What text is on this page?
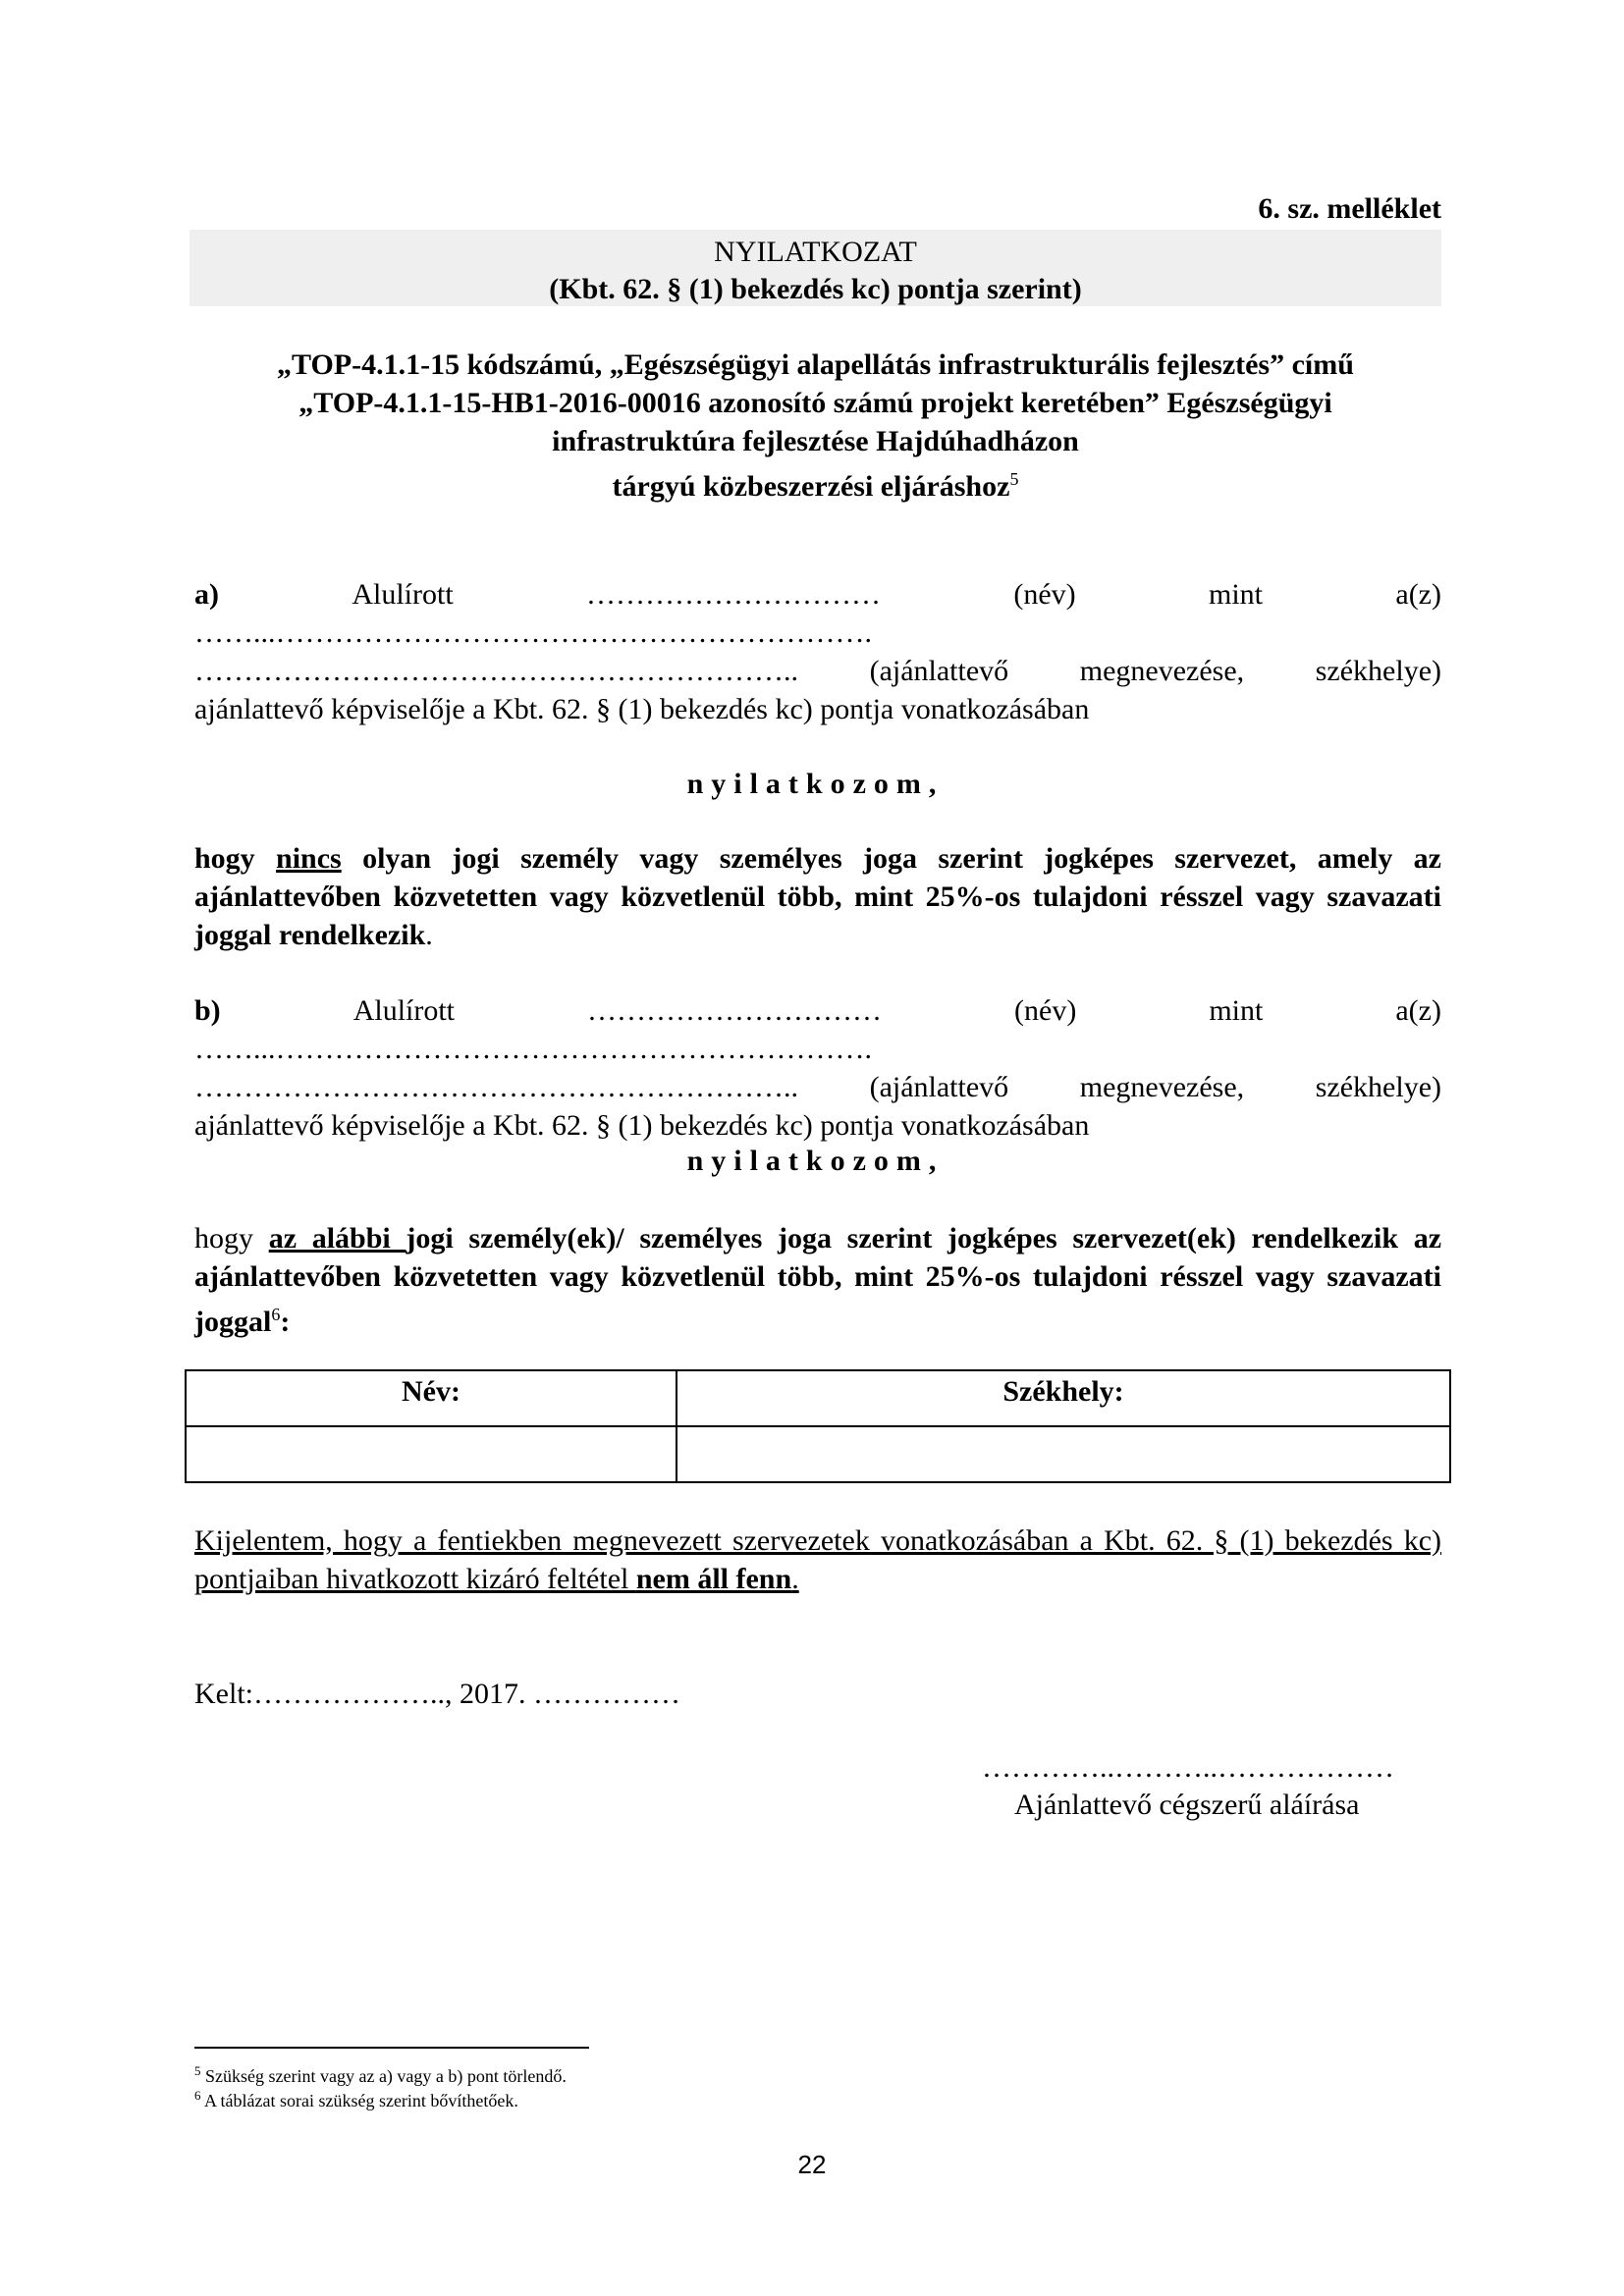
6. sz. melléklet
NYILATKOZAT
(Kbt. 62. § (1) bekezdés kc) pontja szerint)
„TOP-4.1.1-15 kódszámú, „Egészségügyi alapellátás infrastrukturális fejlesztés” című
„TOP-4.1.1-15-HB1-2016-00016 azonosító számú projekt keretében” Egészségügyi
infrastruktúra fejlesztése Hajdúhadházon
tárgyú közbeszerzési eljáráshoz$^5$
a)	Alulírott	…………………………	(név)	mint	a(z)
……...…………………………………………………….
…………………………………………………….. (ajánlattevő megnevezése, székhelye)
ajánlattevő képviselője a Kbt. 62. § (1) bekezdés kc) pontja vonatkozásában
nyilatkozom,
hogy nincs olyan jogi személy vagy személyes joga szerint jogképes szervezet, amely az ajánlattevőben közvetetten vagy közvetlenül több, mint 25%-os tulajdoni résszel vagy szavazati joggal rendelkezik.
b)	Alulírott	…………………………	(név)	mint	a(z)
……...…………………………………………………….
…………………………………………………….. (ajánlattevő megnevezése, székhelye)
ajánlattevő képviselője a Kbt. 62. § (1) bekezdés kc) pontja vonatkozásában
nyilatkozom,
hogy az alábbi jogi személy(ek)/ személyes joga szerint jogképes szervezet(ek) rendelkezik az ajánlattevőben közvetetten vagy közvetlenül több, mint 25%-os tulajdoni résszel vagy szavazati joggal$^6$:
Név:	Székhely:

Kijelentem, hogy a fentiekben megnevezett szervezetek vonatkozásában a Kbt. 62. § (1) bekezdés kc) pontjaiban hivatkozott kizáró feltétel nem áll fenn.
Kelt:……………….., 2017. ……………
…………..………..………………
Ajánlattevő cégszerű aláírása
$^5$ Szükség szerint vagy az a) vagy a b) pont törlendő.
$^6$ A táblázat sorai szükség szerint bővíthetőek.
22
